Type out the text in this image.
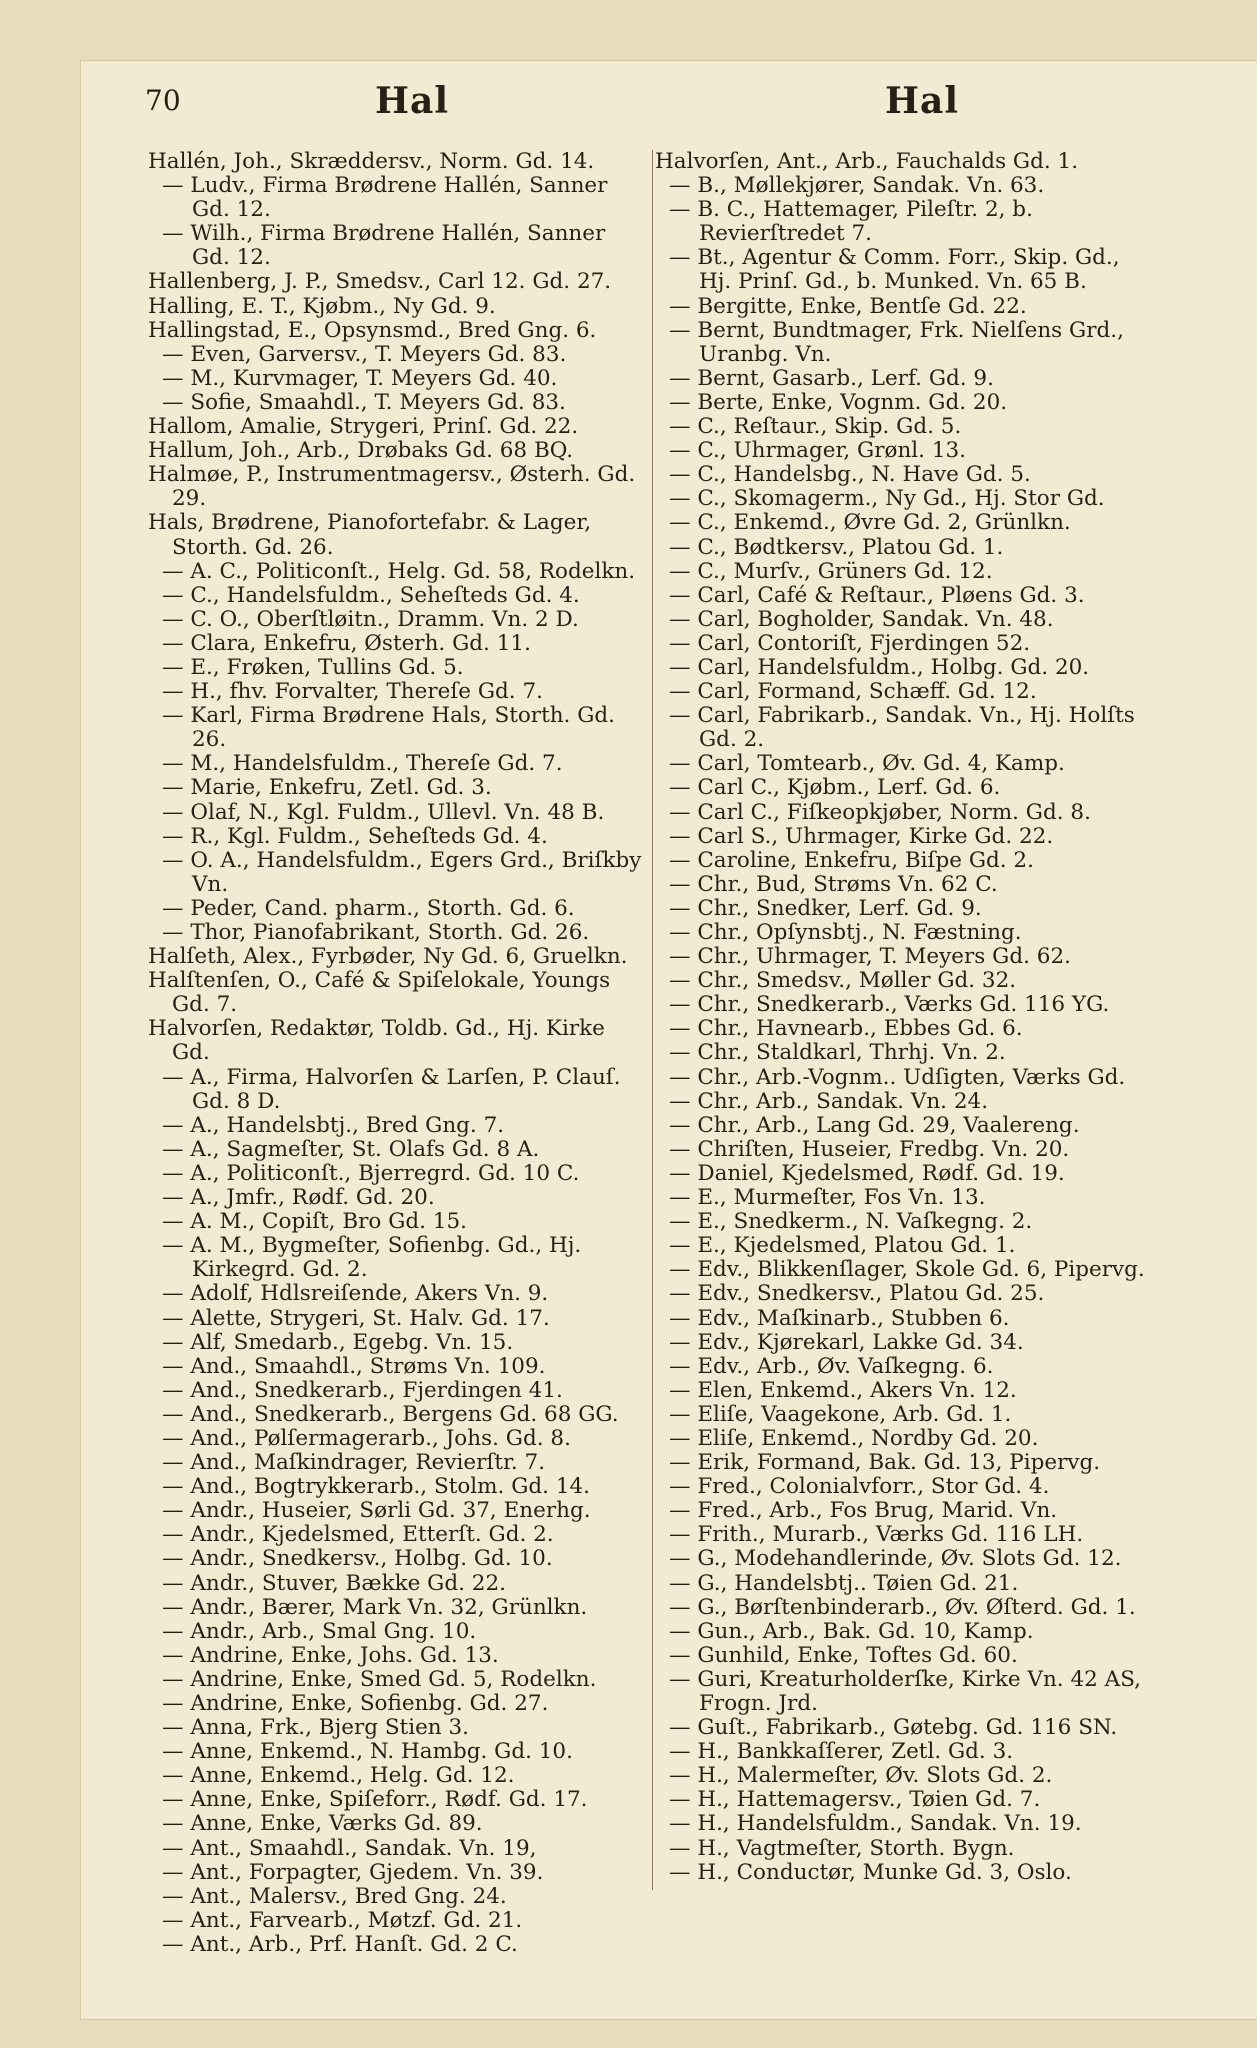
70	Hal	Hal

Hallén, Joh., Skræddersv., Norm. Gd. 14.

— Ludv., Firma Brødrene Hallén, Sanner Gd. 12.

— Wilh., Firma Brødrene Hallén, Sanner Gd. 12.

Hallenberg, J. P., Smedsv., Carl 12. Gd. 27.

Halling, E. T., Kjøbm., Ny Gd. 9.

Hallingstad, E., Opsynsmd., Bred Gng. 6.

— Even, Garversv., T. Meyers Gd. 83.

— M., Kurvmager, T. Meyers Gd. 40.

— Sofie, Smaahdl., T. Meyers Gd. 83.

Hallom, Amalie, Strygeri, Prinſ. Gd. 22.

Hallum, Joh., Arb., Drøbaks Gd. 68 BQ.

Halmøe, P., Instrumentmagersv., Østerh. Gd. 29.

Hals, Brødrene, Pianofortefabr. & Lager, Storth. Gd. 26.

— A. C., Politiconſt., Helg. Gd. 58, Rodelkn.

— C., Handelsfuldm., Seheſteds Gd. 4.

— C. O., Oberſtløitn., Dramm. Vn. 2 D.

— Clara, Enkefru, Østerh. Gd. 11.

— E., Frøken, Tullins Gd. 5.

— H., fhv. Forvalter, Thereſe Gd. 7.

— Karl, Firma Brødrene Hals, Storth. Gd. 26.

— M., Handelsfuldm., Thereſe Gd. 7.

— Marie, Enkefru, Zetl. Gd. 3.

— Olaf, N., Kgl. Fuldm., Ullevl. Vn. 48 B.

— R., Kgl. Fuldm., Seheſteds Gd. 4.

— O. A., Handelsfuldm., Egers Grd., Briſkby Vn.

— Peder, Cand. pharm., Storth. Gd. 6.

— Thor, Pianofabrikant, Storth. Gd. 26.

Halſeth, Alex., Fyrbøder, Ny Gd. 6, Gruelkn.

Halſtenſen, O., Café & Spiſelokale, Youngs Gd. 7.

Halvorſen, Redaktør, Toldb. Gd., Hj. Kirke Gd.

— A., Firma, Halvorſen & Larſen, P. Clauſ. Gd. 8 D.

— A., Handelsbtj., Bred Gng. 7.

— A., Sagmeſter, St. Olafs Gd. 8 A.

— A., Politiconſt., Bjerregrd. Gd. 10 C.

— A., Jmfr., Rødf. Gd. 20.

— A. M., Copiſt, Bro Gd. 15.

— A. M., Bygmeſter, Sofienbg. Gd., Hj. Kirkegrd. Gd. 2.

— Adolf, Hdlsreiſende, Akers Vn. 9.

— Alette, Strygeri, St. Halv. Gd. 17.

— Alf, Smedarb., Egebg. Vn. 15.

— And., Smaahdl., Strøms Vn. 109.

— And., Snedkerarb., Fjerdingen 41.

— And., Snedkerarb., Bergens Gd. 68 GG.

— And., Pølſermagerarb., Johs. Gd. 8.

— And., Maſkindrager, Revierſtr. 7.

— And., Bogtrykkerarb., Stolm. Gd. 14.

— Andr., Huseier, Sørli Gd. 37, Enerhg.

— Andr., Kjedelsmed, Etterſt. Gd. 2.

— Andr., Snedkersv., Holbg. Gd. 10.

— Andr., Stuver, Bække Gd. 22.

— Andr., Bærer, Mark Vn. 32, Grünlkn.

— Andr., Arb., Smal Gng. 10.

— Andrine, Enke, Johs. Gd. 13.

— Andrine, Enke, Smed Gd. 5, Rodelkn.

— Andrine, Enke, Sofienbg. Gd. 27.

— Anna, Frk., Bjerg Stien 3.

— Anne, Enkemd., N. Hambg. Gd. 10.

— Anne, Enkemd., Helg. Gd. 12.

— Anne, Enke, Spiſeforr., Rødf. Gd. 17.

— Anne, Enke, Værks Gd. 89.

— Ant., Smaahdl., Sandak. Vn. 19,

— Ant., Forpagter, Gjedem. Vn. 39.

— Ant., Malersv., Bred Gng. 24.

— Ant., Farvearb., Møtzf. Gd. 21.

— Ant., Arb., Prf. Hanſt. Gd. 2 C.

Halvorſen, Ant., Arb., Fauchalds Gd. 1.

— B., Møllekjører, Sandak. Vn. 63.

— B. C., Hattemager, Pileſtr. 2, b. Revierſtredet 7.

— Bt., Agentur & Comm. Forr., Skip. Gd., Hj. Prinſ. Gd., b. Munked. Vn. 65 B.

— Bergitte, Enke, Bentſe Gd. 22.

— Bernt, Bundtmager, Frk. Nielſens Grd., Uranbg. Vn.

— Bernt, Gasarb., Lerf. Gd. 9.

— Berte, Enke, Vognm. Gd. 20.

— C., Reſtaur., Skip. Gd. 5.

— C., Uhrmager, Grønl. 13.

— C., Handelsbg., N. Have Gd. 5.

— C., Skomagerm., Ny Gd., Hj. Stor Gd.

— C., Enkemd., Øvre Gd. 2, Grünlkn.

— C., Bødtkersv., Platou Gd. 1.

— C., Murſv., Grüners Gd. 12.

— Carl, Café & Reſtaur., Pløens Gd. 3.

— Carl, Bogholder, Sandak. Vn. 48.

— Carl, Contoriſt, Fjerdingen 52.

— Carl, Handelsfuldm., Holbg. Gd. 20.

— Carl, Formand, Schæff. Gd. 12.

— Carl, Fabrikarb., Sandak. Vn., Hj. Holſts Gd. 2.

— Carl, Tomtearb., Øv. Gd. 4, Kamp.

— Carl C., Kjøbm., Lerf. Gd. 6.

— Carl C., Fiſkeopkjøber, Norm. Gd. 8.

— Carl S., Uhrmager, Kirke Gd. 22.

— Caroline, Enkefru, Biſpe Gd. 2.

— Chr., Bud, Strøms Vn. 62 C.

— Chr., Snedker, Lerf. Gd. 9.

— Chr., Opſynsbtj., N. Fæstning.

— Chr., Uhrmager, T. Meyers Gd. 62.

— Chr., Smedsv., Møller Gd. 32.

— Chr., Snedkerarb., Værks Gd. 116 YG.

— Chr., Havnearb., Ebbes Gd. 6.

— Chr., Staldkarl, Thrhj. Vn. 2.

— Chr., Arb.-Vognm.. Udſigten, Værks Gd.

— Chr., Arb., Sandak. Vn. 24.

— Chr., Arb., Lang Gd. 29, Vaalereng.

— Chriſten, Huseier, Fredbg. Vn. 20.

— Daniel, Kjedelsmed, Rødf. Gd. 19.

— E., Murmeſter, Fos Vn. 13.

— E., Snedkerm., N. Vaſkegng. 2.

— E., Kjedelsmed, Platou Gd. 1.

— Edv., Blikkenſlager, Skole Gd. 6, Pipervg.

— Edv., Snedkersv., Platou Gd. 25.

— Edv., Maſkinarb., Stubben 6.

— Edv., Kjørekarl, Lakke Gd. 34.

— Edv., Arb., Øv. Vaſkegng. 6.

— Elen, Enkemd., Akers Vn. 12.

— Eliſe, Vaagekone, Arb. Gd. 1.

— Eliſe, Enkemd., Nordby Gd. 20.

— Erik, Formand, Bak. Gd. 13, Pipervg.

— Fred., Colonialvforr., Stor Gd. 4.

— Fred., Arb., Fos Brug, Marid. Vn.

— Frith., Murarb., Værks Gd. 116 LH.

— G., Modehandlerinde, Øv. Slots Gd. 12.

— G., Handelsbtj.. Tøien Gd. 21.

— G., Børſtenbinderarb., Øv. Øſterd. Gd. 1.

— Gun., Arb., Bak. Gd. 10, Kamp.

— Gunhild, Enke, Toftes Gd. 60.

— Guri, Kreaturholderſke, Kirke Vn. 42 AS, Frogn. Jrd.

— Guſt., Fabrikarb., Gøtebg. Gd. 116 SN.

— H., Bankkaſſerer, Zetl. Gd. 3.

— H., Malermeſter, Øv. Slots Gd. 2.

— H., Hattemagersv., Tøien Gd. 7.

— H., Handelsfuldm., Sandak. Vn. 19.

— H., Vagtmeſter, Storth. Bygn.

— H., Conductør, Munke Gd. 3, Oslo.
